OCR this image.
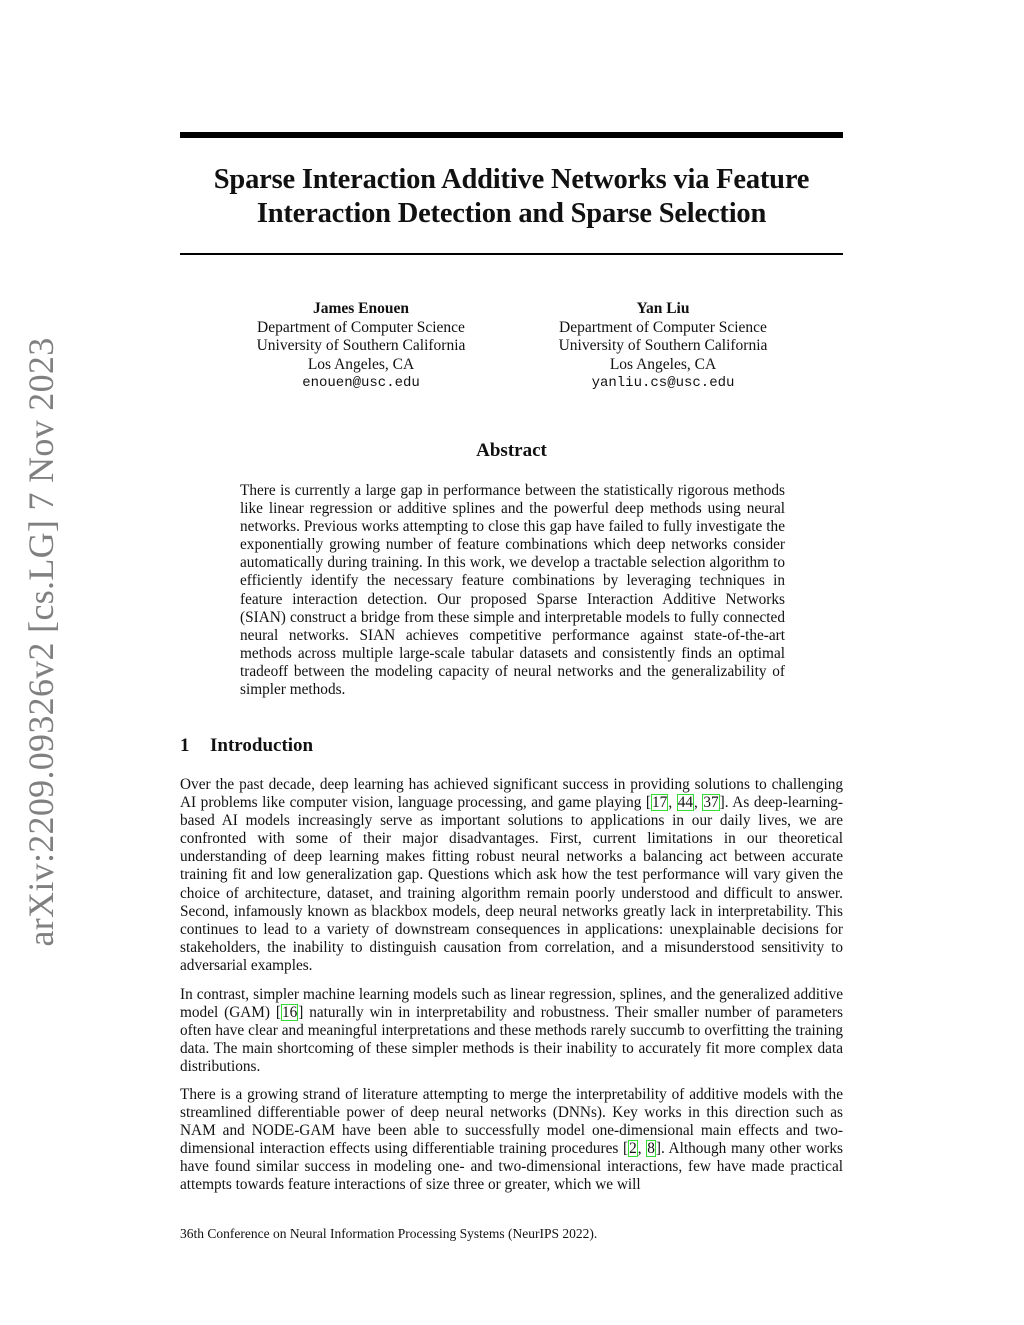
arXiv:2209.09326v2 [cs.LG] 7 Nov 2023
Sparse Interaction Additive Networks via Feature
Interaction Detection and Sparse Selection
James Enouen
Department of Computer Science
University of Southern California
Los Angeles, CA
enouen@usc.edu
Yan Liu
Department of Computer Science
University of Southern California
Los Angeles, CA
yanliu.cs@usc.edu
Abstract

There is currently a large gap in performance between the statistically rigorous methods like linear regression or additive splines and the powerful deep methods using neural networks. Previous works attempting to close this gap have failed to fully investigate the exponentially growing number of feature combinations which deep networks consider automatically during training. In this work, we develop a tractable selection algorithm to efficiently identify the necessary feature combinations by leveraging techniques in feature interaction detection. Our proposed Sparse Interaction Additive Networks (SIAN) construct a bridge from these simple and interpretable models to fully connected neural networks. SIAN achieves competitive performance against state-of-the-art methods across multiple large-scale tabular datasets and consistently finds an optimal tradeoff between the modeling capacity of neural networks and the generalizability of simpler methods.

1 Introduction

Over the past decade, deep learning has achieved significant success in providing solutions to challenging AI problems like computer vision, language processing, and game playing [17, 44, 37]. As deep-learning-based AI models increasingly serve as important solutions to applications in our daily lives, we are confronted with some of their major disadvantages. First, current limitations in our theoretical understanding of deep learning makes fitting robust neural networks a balancing act between accurate training fit and low generalization gap. Questions which ask how the test performance will vary given the choice of architecture, dataset, and training algorithm remain poorly understood and difficult to answer. Second, infamously known as blackbox models, deep neural networks greatly lack in interpretability. This continues to lead to a variety of downstream consequences in applications: unexplainable decisions for stakeholders, the inability to distinguish causation from correlation, and a misunderstood sensitivity to adversarial examples.

In contrast, simpler machine learning models such as linear regression, splines, and the generalized additive model (GAM) [16] naturally win in interpretability and robustness. Their smaller number of parameters often have clear and meaningful interpretations and these methods rarely succumb to overfitting the training data. The main shortcoming of these simpler methods is their inability to accurately fit more complex data distributions.

There is a growing strand of literature attempting to merge the interpretability of additive models with the streamlined differentiable power of deep neural networks (DNNs). Key works in this direction such as NAM and NODE-GAM have been able to successfully model one-dimensional main effects and two-dimensional interaction effects using differentiable training procedures [2, 8]. Although many other works have found similar success in modeling one- and two-dimensional interactions, few have made practical attempts towards feature interactions of size three or greater, which we will

36th Conference on Neural Information Processing Systems (NeurIPS 2022).
